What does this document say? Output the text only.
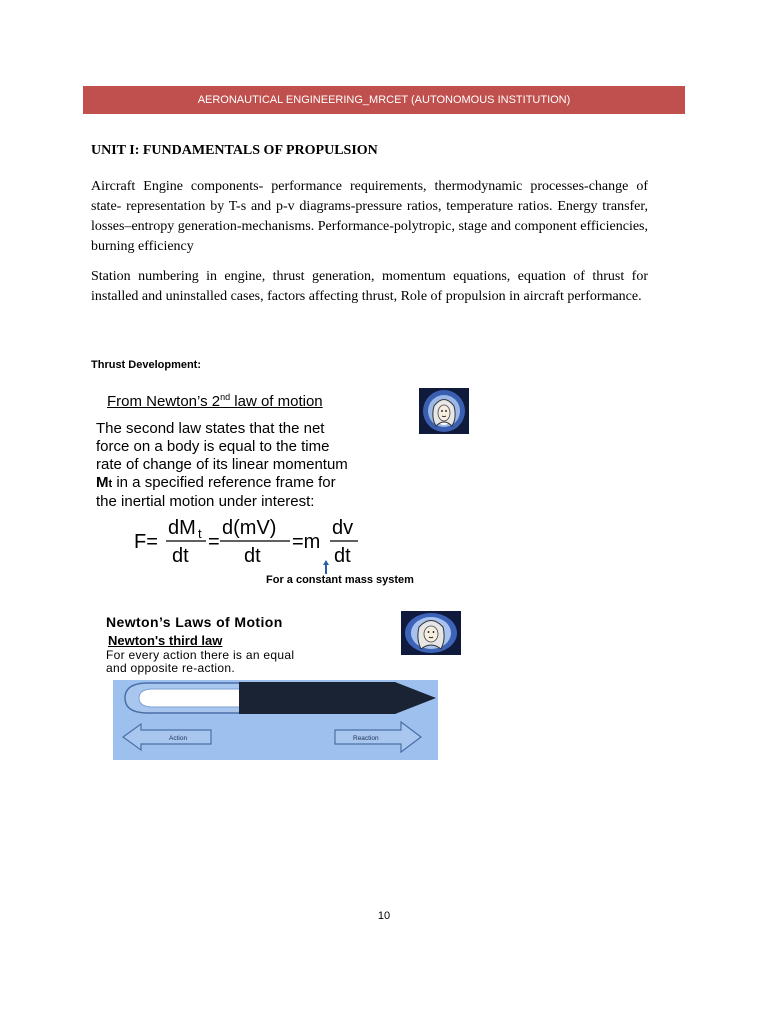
AERONAUTICAL ENGINEERING_MRCET (AUTONOMOUS INSTITUTION)
UNIT I: FUNDAMENTALS OF PROPULSION

Aircraft Engine components- performance requirements, thermodynamic processes-change of state- representation by T-s and p-v diagrams-pressure ratios, temperature ratios. Energy transfer, losses–entropy generation-mechanisms. Performance-polytropic, stage and component efficiencies, burning efficiency

Station numbering in engine, thrust generation, momentum equations, equation of thrust for installed and uninstalled cases, factors affecting thrust, Role of propulsion in aircraft performance.

Thrust Development:
From Newton’s 2nd law of motion
The second law states that the net
force on a body is equal to the time
rate of change of its linear momentum
Mt in a specified reference frame for
the inertial motion under interest:
F=
dM t
dt
=
d(mV)
dt
=m
dv
dt
For a constant mass system
Newton’s Laws of Motion
Newton's third law
For every action there is an equal
and opposite re-action.
Action	Reaction
10
